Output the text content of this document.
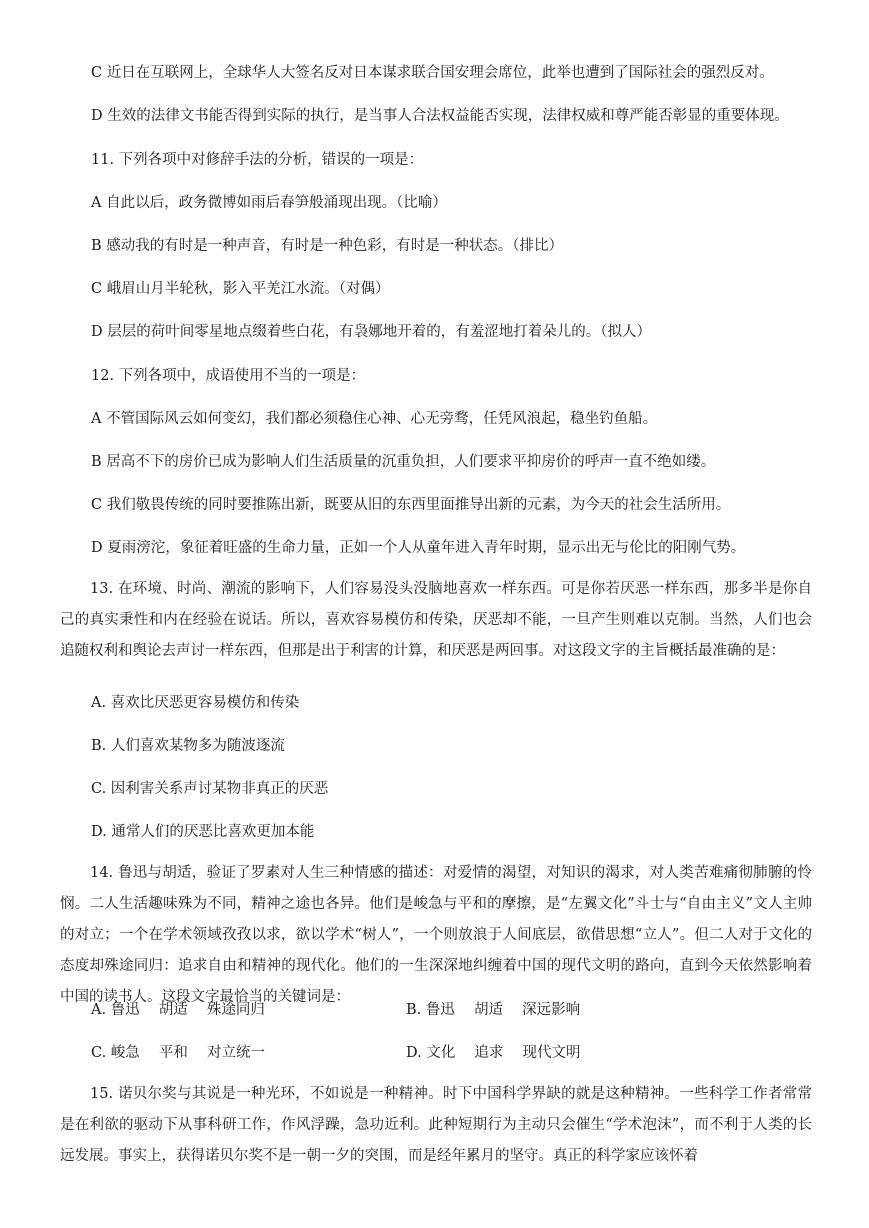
C 近日在互联网上，全球华人大签名反对日本谋求联合国安理会席位，此举也遭到了国际社会的强烈反对。
D 生效的法律文书能否得到实际的执行，是当事人合法权益能否实现，法律权威和尊严能否彰显的重要体现。
11. 下列各项中对修辞手法的分析，错误的一项是：
A 自此以后，政务微博如雨后春笋般涌现出现。（比喻）
B 感动我的有时是一种声音，有时是一种色彩，有时是一种状态。（排比）
C 峨眉山月半轮秋，影入平羌江水流。（对偶）
D 层层的荷叶间零星地点缀着些白花，有袅娜地开着的，有羞涩地打着朵儿的。（拟人）
12. 下列各项中，成语使用不当的一项是：
A 不管国际风云如何变幻，我们都必须稳住心神、心无旁骛，任凭风浪起，稳坐钓鱼船。
B 居高不下的房价已成为影响人们生活质量的沉重负担，人们要求平抑房价的呼声一直不绝如缕。
C 我们敬畏传统的同时要推陈出新，既要从旧的东西里面推导出新的元素，为今天的社会生活所用。
D 夏雨滂沱，象征着旺盛的生命力量，正如一个人从童年进入青年时期，显示出无与伦比的阳刚气势。
13. 在环境、时尚、潮流的影响下，人们容易没头没脑地喜欢一样东西。可是你若厌恶一样东西，那多半是你自己的真实秉性和内在经验在说话。所以，喜欢容易模仿和传染，厌恶却不能，一旦产生则难以克制。当然，人们也会追随权利和舆论去声讨一样东西，但那是出于利害的计算，和厌恶是两回事。对这段文字的主旨概括最准确的是：
A. 喜欢比厌恶更容易模仿和传染
B. 人们喜欢某物多为随波逐流
C. 因利害关系声讨某物非真正的厌恶
D. 通常人们的厌恶比喜欢更加本能
14. 鲁迅与胡适，验证了罗素对人生三种情感的描述：对爱情的渴望，对知识的渴求，对人类苦难痛彻肺腑的怜悯。二人生活趣味殊为不同，精神之途也各异。他们是峻急与平和的摩擦，是“左翼文化”斗士与“自由主义”文人主帅的对立；一个在学术领域孜孜以求，欲以学术“树人”，一个则放浪于人间底层，欲借思想“立人”。但二人对于文化的态度却殊途同归：追求自由和精神的现代化。他们的一生深深地纠缠着中国的现代文明的路向，直到今天依然影响着中国的读书人。这段文字最恰当的关键词是：
A. 鲁迅　 胡适　 殊途同归	B. 鲁迅　 胡适　 深远影响
C. 峻急　 平和　 对立统一	D. 文化　 追求　 现代文明
15. 诺贝尔奖与其说是一种光环，不如说是一种精神。时下中国科学界缺的就是这种精神。一些科学工作者常常是在利欲的驱动下从事科研工作，作风浮躁，急功近利。此种短期行为主动只会催生“学术泡沫”，而不利于人类的长远发展。事实上，获得诺贝尔奖不是一朝一夕的突围，而是经年累月的坚守。真正的科学家应该怀着
